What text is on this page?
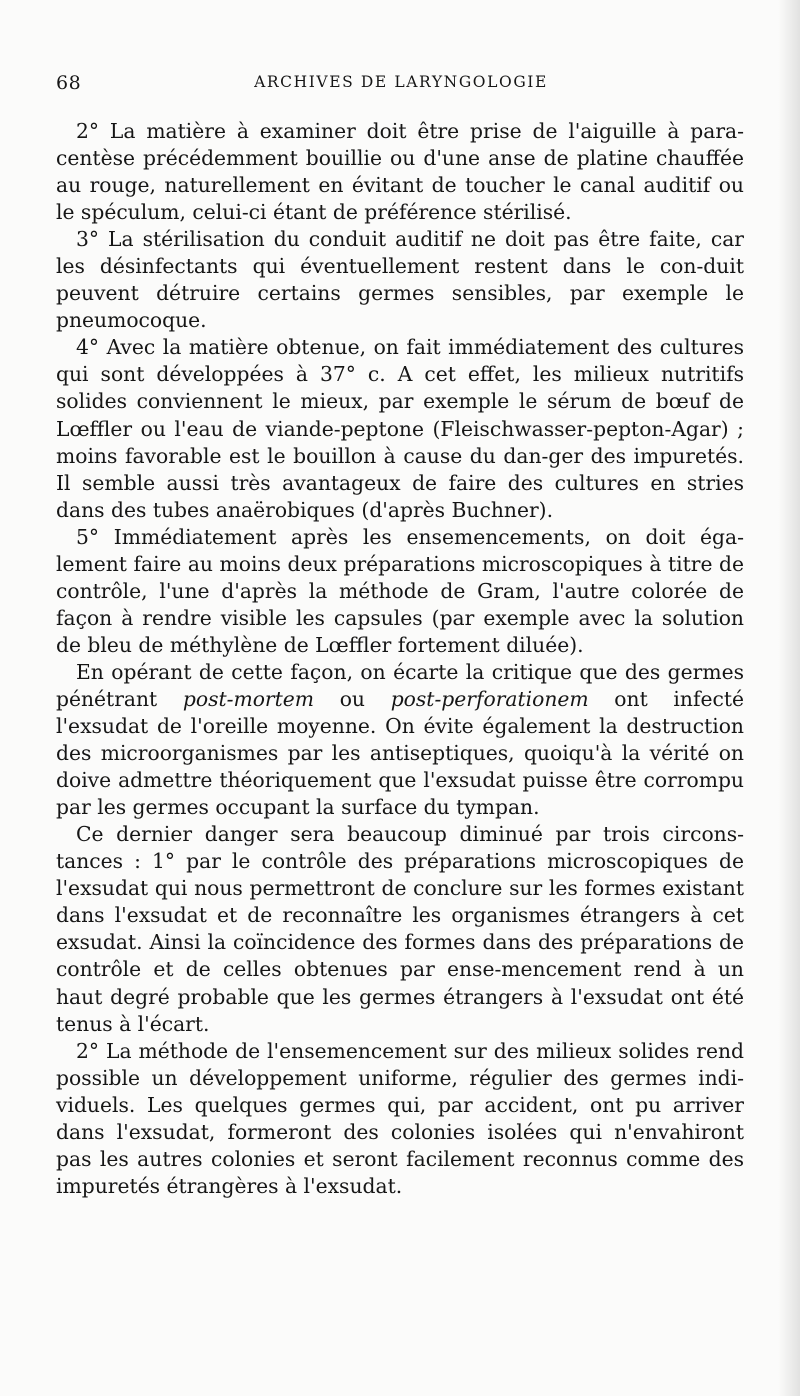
68	ARCHIVES DE LARYNGOLOGIE

2° La matière à examiner doit être prise de l'aiguille à para-centèse précédemment bouillie ou d'une anse de platine chauffée au rouge, naturellement en évitant de toucher le canal auditif ou le spéculum, celui-ci étant de préférence stérilisé.

3° La stérilisation du conduit auditif ne doit pas être faite, car les désinfectants qui éventuellement restent dans le con-duit peuvent détruire certains germes sensibles, par exemple le pneumocoque.

4° Avec la matière obtenue, on fait immédiatement des cultures qui sont développées à 37° c. A cet effet, les milieux nutritifs solides conviennent le mieux, par exemple le sérum de bœuf de Lœffler ou l'eau de viande-peptone (Fleischwasser-pepton-Agar) ; moins favorable est le bouillon à cause du dan-ger des impuretés. Il semble aussi très avantageux de faire des cultures en stries dans des tubes anaërobiques (d'après Buchner).

5° Immédiatement après les ensemencements, on doit éga-lement faire au moins deux préparations microscopiques à titre de contrôle, l'une d'après la méthode de Gram, l'autre colorée de façon à rendre visible les capsules (par exemple avec la solution de bleu de méthylène de Lœffler fortement diluée).

En opérant de cette façon, on écarte la critique que des germes pénétrant post-mortem ou post-perforationem ont infecté l'exsudat de l'oreille moyenne. On évite également la destruction des microorganismes par les antiseptiques, quoiqu'à la vérité on doive admettre théoriquement que l'exsudat puisse être corrompu par les germes occupant la surface du tympan.

Ce dernier danger sera beaucoup diminué par trois circons-tances : 1° par le contrôle des préparations microscopiques de l'exsudat qui nous permettront de conclure sur les formes existant dans l'exsudat et de reconnaître les organismes étrangers à cet exsudat. Ainsi la coïncidence des formes dans des préparations de contrôle et de celles obtenues par ense-mencement rend à un haut degré probable que les germes étrangers à l'exsudat ont été tenus à l'écart.

2° La méthode de l'ensemencement sur des milieux solides rend possible un développement uniforme, régulier des germes indi-viduels. Les quelques germes qui, par accident, ont pu arriver dans l'exsudat, formeront des colonies isolées qui n'envahiront pas les autres colonies et seront facilement reconnus comme des impuretés étrangères à l'exsudat.
